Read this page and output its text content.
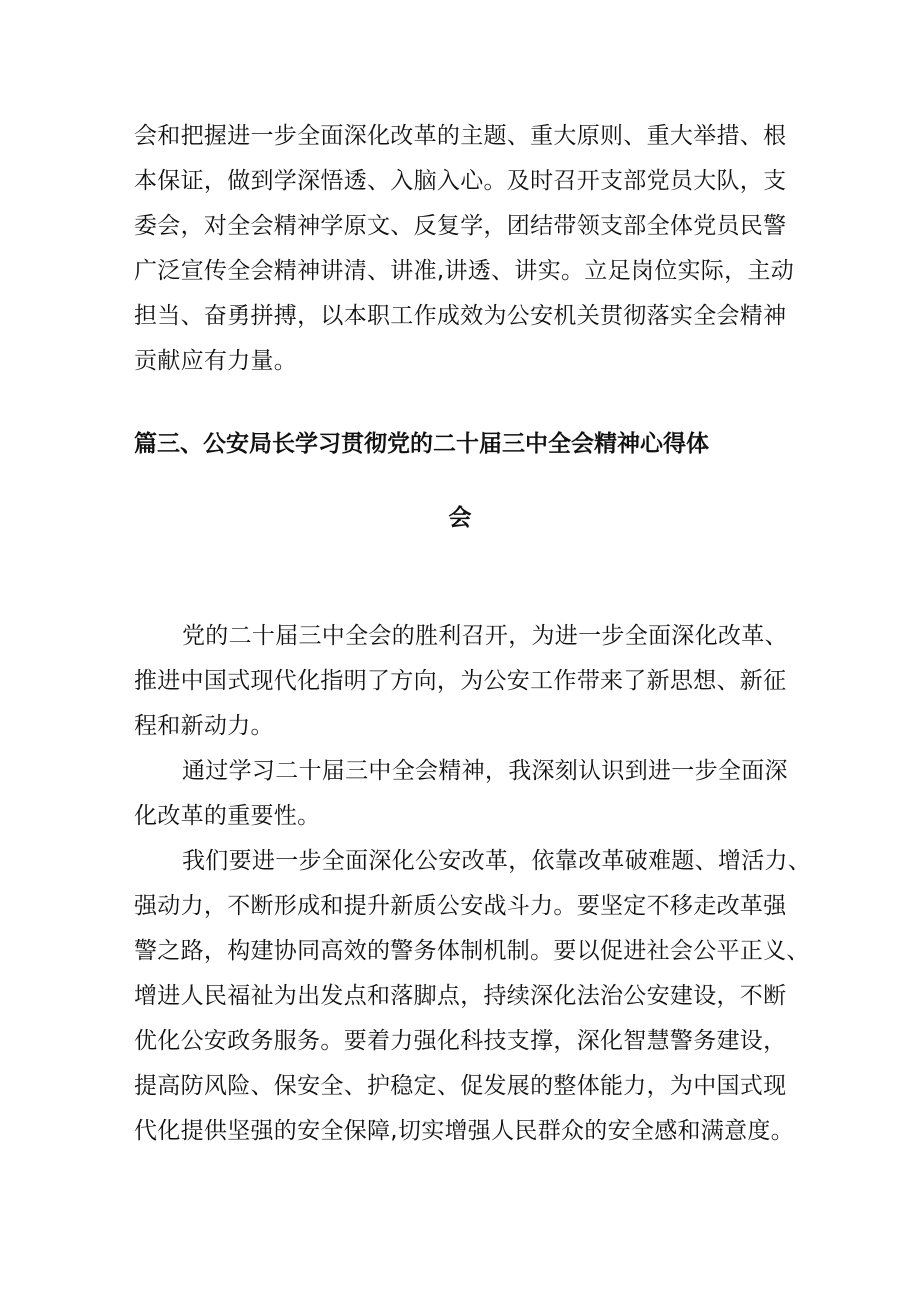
会和把握进一步全面深化改革的主题、重大原则、重大举措、根
本保证，做到学深悟透、入脑入心。及时召开支部党员大队，支
委会，对全会精神学原文、反复学，团结带领支部全体党员民警
广泛宣传全会精神讲清、讲准,讲透、讲实。立足岗位实际，主动
担当、奋勇拼搏，以本职工作成效为公安机关贯彻落实全会精神
贡献应有力量。
篇三、公安局长学习贯彻党的二十届三中全会精神心得体
会
党的二十届三中全会的胜利召开，为进一步全面深化改革、
推进中国式现代化指明了方向，为公安工作带来了新思想、新征
程和新动力。
通过学习二十届三中全会精神，我深刻认识到进一步全面深
化改革的重要性。
我们要进一步全面深化公安改革，依靠改革破难题、增活力、
强动力，不断形成和提升新质公安战斗力。要坚定不移走改革强
警之路，构建协同高效的警务体制机制。要以促进社会公平正义、
增进人民福祉为出发点和落脚点，持续深化法治公安建设，不断
优化公安政务服务。要着力强化科技支撑，深化智慧警务建设，
提高防风险、保安全、护稳定、促发展的整体能力，为中国式现
代化提供坚强的安全保障,切实增强人民群众的安全感和满意度。
